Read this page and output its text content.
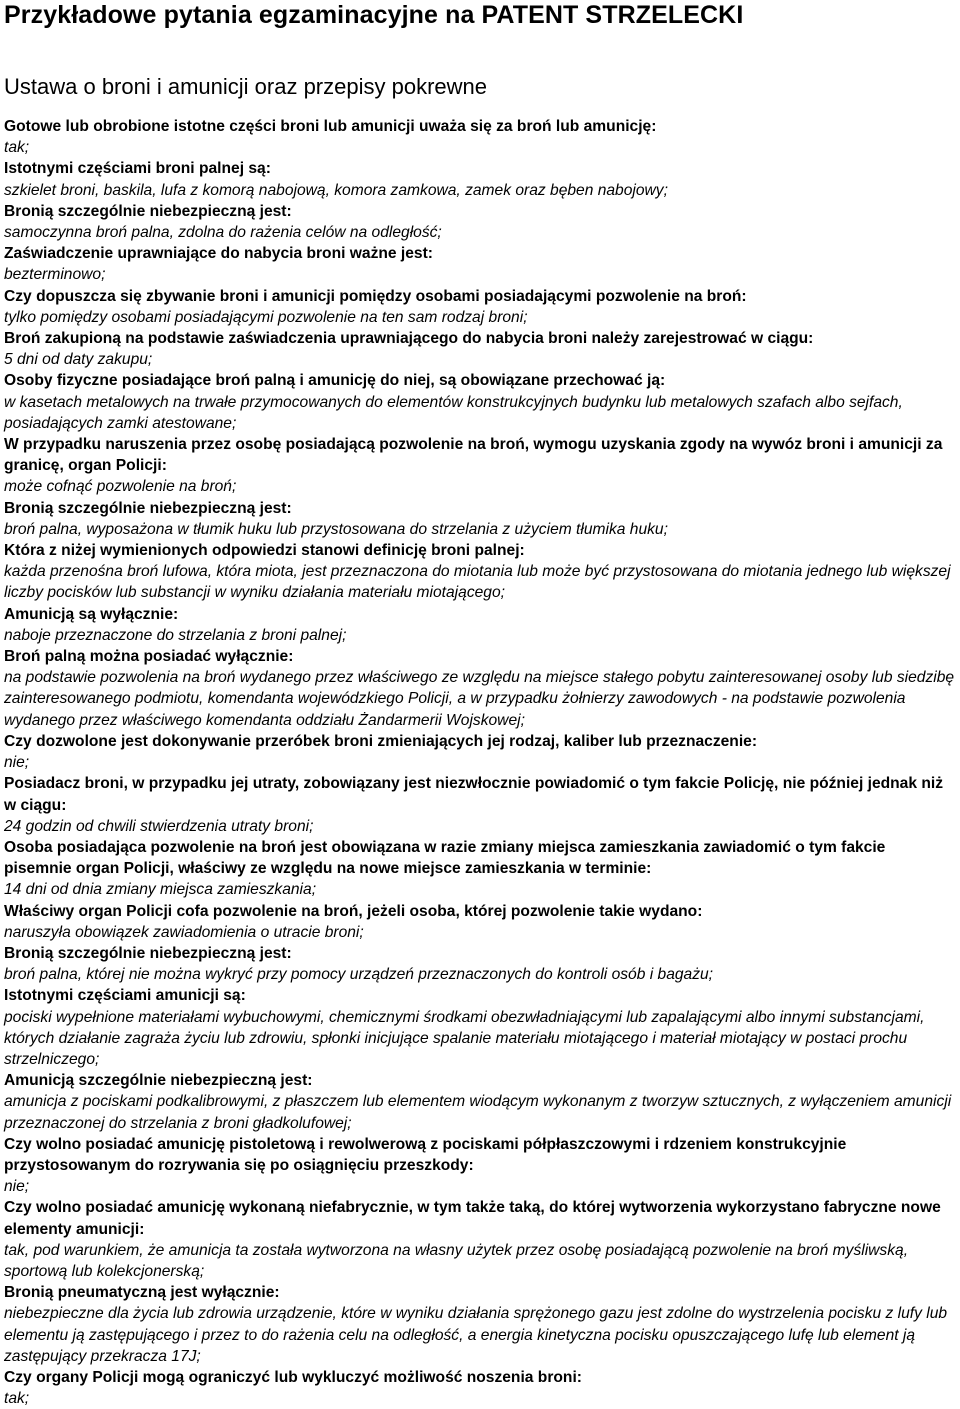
Przykładowe pytania egzaminacyjne na PATENT STRZELECKI
Ustawa o broni i amunicji oraz przepisy pokrewne

Gotowe lub obrobione istotne części broni lub amunicji uważa się za broń lub amunicję:

tak;

Istotnymi częściami broni palnej są:

szkielet broni, baskila, lufa z komorą nabojową, komora zamkowa, zamek oraz bęben nabojowy;

Bronią szczególnie niebezpieczną jest:

samoczynna broń palna, zdolna do rażenia celów na odległość;

Zaświadczenie uprawniające do nabycia broni ważne jest:

bezterminowo;

Czy dopuszcza się zbywanie broni i amunicji pomiędzy osobami posiadającymi pozwolenie na broń:

tylko pomiędzy osobami posiadającymi pozwolenie na ten sam rodzaj broni;

Broń zakupioną na podstawie zaświadczenia uprawniającego do nabycia broni należy zarejestrować w ciągu:

5 dni od daty zakupu;

Osoby fizyczne posiadające broń palną i amunicję do niej, są obowiązane przechować ją:

w kasetach metalowych na trwałe przymocowanych do elementów konstrukcyjnych budynku lub metalowych szafach albo sejfach, posiadających zamki atestowane;

W przypadku naruszenia przez osobę posiadającą pozwolenie na broń, wymogu uzyskania zgody na wywóz broni i amunicji za granicę, organ Policji:

może cofnąć pozwolenie na broń;

Bronią szczególnie niebezpieczną jest:

broń palna, wyposażona w tłumik huku lub przystosowana do strzelania z użyciem tłumika huku;

Która z niżej wymienionych odpowiedzi stanowi definicję broni palnej:

każda przenośna broń lufowa, która miota, jest przeznaczona do miotania lub może być przystosowana do miotania jednego lub większej liczby pocisków lub substancji w wyniku działania materiału miotającego;

Amunicją są wyłącznie:

naboje przeznaczone do strzelania z broni palnej;

Broń palną można posiadać wyłącznie:

na podstawie pozwolenia na broń wydanego przez właściwego ze względu na miejsce stałego pobytu zainteresowanej osoby lub siedzibę zainteresowanego podmiotu, komendanta wojewódzkiego Policji, a w przypadku żołnierzy zawodowych - na podstawie pozwolenia wydanego przez właściwego komendanta oddziału Żandarmerii Wojskowej;

Czy dozwolone jest dokonywanie przeróbek broni zmieniających jej rodzaj, kaliber lub przeznaczenie:

nie;

Posiadacz broni, w przypadku jej utraty, zobowiązany jest niezwłocznie powiadomić o tym fakcie Policję, nie później jednak niż w ciągu:

24 godzin od chwili stwierdzenia utraty broni;

Osoba posiadająca pozwolenie na broń jest obowiązana w razie zmiany miejsca zamieszkania zawiadomić o tym fakcie pisemnie organ Policji, właściwy ze względu na nowe miejsce zamieszkania w terminie:

14 dni od dnia zmiany miejsca zamieszkania;

Właściwy organ Policji cofa pozwolenie na broń, jeżeli osoba, której pozwolenie takie wydano:

naruszyła obowiązek zawiadomienia o utracie broni;

Bronią szczególnie niebezpieczną jest:

broń palna, której nie można wykryć przy pomocy urządzeń przeznaczonych do kontroli osób i bagażu;

Istotnymi częściami amunicji są:

pociski wypełnione materiałami wybuchowymi, chemicznymi środkami obezwładniającymi lub zapalającymi albo innymi substancjami, których działanie zagraża życiu lub zdrowiu, spłonki inicjujące spalanie materiału miotającego i materiał miotający w postaci prochu strzelniczego;

Amunicją szczególnie niebezpieczną jest:

amunicja z pociskami podkalibrowymi, z płaszczem lub elementem wiodącym wykonanym z tworzyw sztucznych, z wyłączeniem amunicji przeznaczonej do strzelania z broni gładkolufowej;

Czy wolno posiadać amunicję pistoletową i rewolwerową z pociskami półpłaszczowymi i rdzeniem konstrukcyjnie przystosowanym do rozrywania się po osiągnięciu przeszkody:

nie;

Czy wolno posiadać amunicję wykonaną niefabrycznie, w tym także taką, do której wytworzenia wykorzystano fabryczne nowe elementy amunicji:

tak, pod warunkiem, że amunicja ta została wytworzona na własny użytek przez osobę posiadającą pozwolenie na broń myśliwską, sportową lub kolekcjonerską;

Bronią pneumatyczną jest wyłącznie:

niebezpieczne dla życia lub zdrowia urządzenie, które w wyniku działania sprężonego gazu jest zdolne do wystrzelenia pocisku z lufy lub elementu ją zastępującego i przez to do rażenia celu na odległość, a energia kinetyczna pocisku opuszczającego lufę lub element ją zastępujący przekracza 17J;

Czy organy Policji mogą ograniczyć lub wykluczyć możliwość noszenia broni:

tak;
